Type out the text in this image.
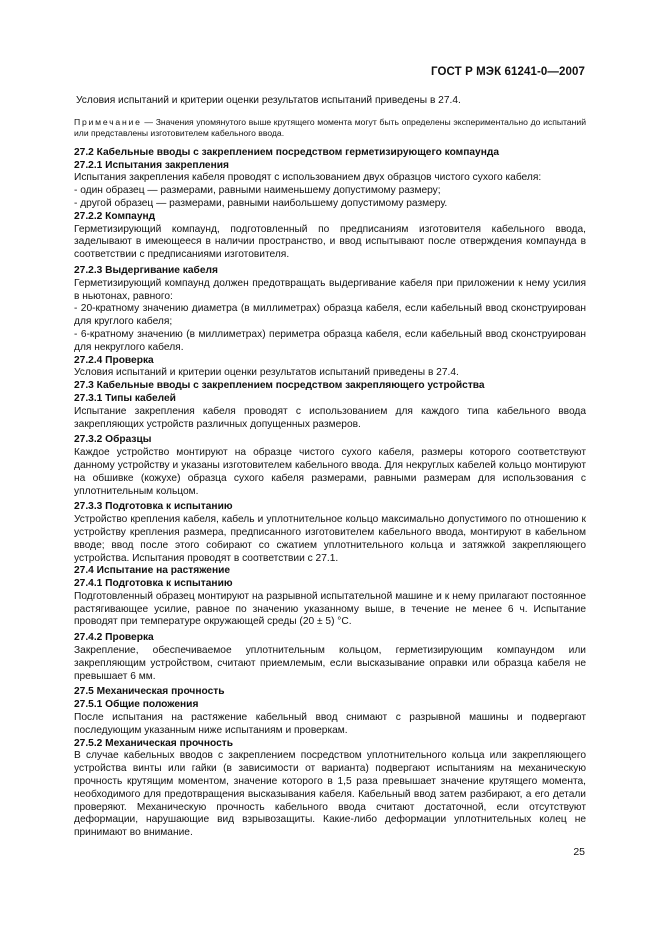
ГОСТ Р МЭК 61241-0—2007

Условия испытаний и критерии оценки результатов испытаний приведены в 27.4.

Примечание — Значения упомянутого выше крутящего момента могут быть определены экспериментально до испытаний или представлены изготовителем кабельного ввода.

27.2 Кабельные вводы с закреплением посредством герметизирующего компаунда
27.2.1 Испытания закрепления

Испытания закрепления кабеля проводят с использованием двух образцов чистого сухого кабеля:

- один образец — размерами, равными наименьшему допустимому размеру;

- другой образец — размерами, равными наибольшему допустимому размеру.

27.2.2 Компаунд

Герметизирующий компаунд, подготовленный по предписаниям изготовителя кабельного ввода, заделывают в имеющееся в наличии пространство, и ввод испытывают после отверждения компаунда в соответствии с предписаниями изготовителя.

27.2.3 Выдергивание кабеля

Герметизирующий компаунд должен предотвращать выдергивание кабеля при приложении к нему усилия в ньютонах, равного:

- 20-кратному значению диаметра (в миллиметрах) образца кабеля, если кабельный ввод сконструирован для круглого кабеля;

- 6-кратному значению (в миллиметрах) периметра образца кабеля, если кабельный ввод сконструирован для некруглого кабеля.

27.2.4 Проверка

Условия испытаний и критерии оценки результатов испытаний приведены в 27.4.

27.3 Кабельные вводы с закреплением посредством закрепляющего устройства
27.3.1 Типы кабелей

Испытание закрепления кабеля проводят с использованием для каждого типа кабельного ввода закрепляющих устройств различных допущенных размеров.

27.3.2 Образцы

Каждое устройство монтируют на образце чистого сухого кабеля, размеры которого соответствуют данному устройству и указаны изготовителем кабельного ввода. Для некруглых кабелей кольцо монтируют на обшивке (кожухе) образца сухого кабеля размерами, равными размерам для использования с уплотнительным кольцом.

27.3.3 Подготовка к испытанию

Устройство крепления кабеля, кабель и уплотнительное кольцо максимально допустимого по отношению к устройству крепления размера, предписанного изготовителем кабельного ввода, монтируют в кабельном вводе; ввод после этого собирают со сжатием уплотнительного кольца и затяжкой закрепляющего устройства. Испытания проводят в соответствии с 27.1.

27.4 Испытание на растяжение
27.4.1 Подготовка к испытанию

Подготовленный образец монтируют на разрывной испытательной машине и к нему прилагают постоянное растягивающее усилие, равное по значению указанному выше, в течение не менее 6 ч. Испытание проводят при температуре окружающей среды (20 ± 5) °С.

27.4.2 Проверка

Закрепление, обеспечиваемое уплотнительным кольцом, герметизирующим компаундом или закрепляющим устройством, считают приемлемым, если высказывание оправки или образца кабеля не превышает 6 мм.

27.5 Механическая прочность
27.5.1 Общие положения

После испытания на растяжение кабельный ввод снимают с разрывной машины и подвергают последующим указанным ниже испытаниям и проверкам.

27.5.2 Механическая прочность

В случае кабельных вводов с закреплением посредством уплотнительного кольца или закрепляющего устройства винты или гайки (в зависимости от варианта) подвергают испытаниям на механическую прочность крутящим моментом, значение которого в 1,5 раза превышает значение крутящего момента, необходимого для предотвращения высказывания кабеля. Кабельный ввод затем разбирают, а его детали проверяют. Механическую прочность кабельного ввода считают достаточной, если отсутствуют деформации, нарушающие вид взрывозащиты. Какие-либо деформации уплотнительных колец не принимают во внимание.

25
